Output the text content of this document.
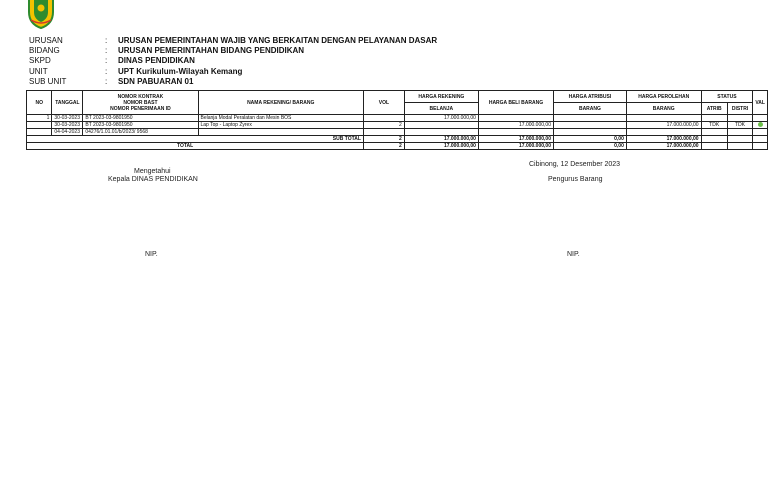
URUSAN	:	URUSAN PEMERINTAHAN WAJIB YANG BERKAITAN DENGAN PELAYANAN DASAR
BIDANG	:	URUSAN PEMERINTAHAN BIDANG PENDIDIKAN
SKPD	:	DINAS PENDIDIKAN
UNIT	:	UPT Kurikulum-Wilayah Kemang
SUB UNIT	:	SDN PABUARAN 01
NO	TANGGAL	NOMOR KONTRAK
NOMOR BAST
NOMOR PENERIMAAN ID	NAMA REKENING/ BARANG	VOL	HARGA REKENING	HARGA BELI BARANG	HARGA ATRIBUSI	HARGA PEROLEHAN	STATUS		VAL
					BELANJA		BARANG	BARANG	ATRIB	DISTRI	
1	30-03-2023	BT 2023-03-9801950	Belanja Modal Peralatan dan Mesin BOS		17.000.000,00						
	30-03-2023	BT 2023-03-9801950	Lap Top - Laptop Zyrex	2		17.000.000,00		17.000.000,00	TDK	TDK	
	04-04-2023	04276/1.01.01/b/2023/ 9568									
SUB TOTAL				2	17.000.000,00	17.000.000,00	0,00	17.000.000,00			
TOTAL				2	17.000.000,00	17.000.000,00	0,00	17.000.000,00			
Mengetahui
Kepala DINAS PENDIDIKAN
NIP.
Cibinong, 12 Desember 2023
Pengurus Barang
NIP.
